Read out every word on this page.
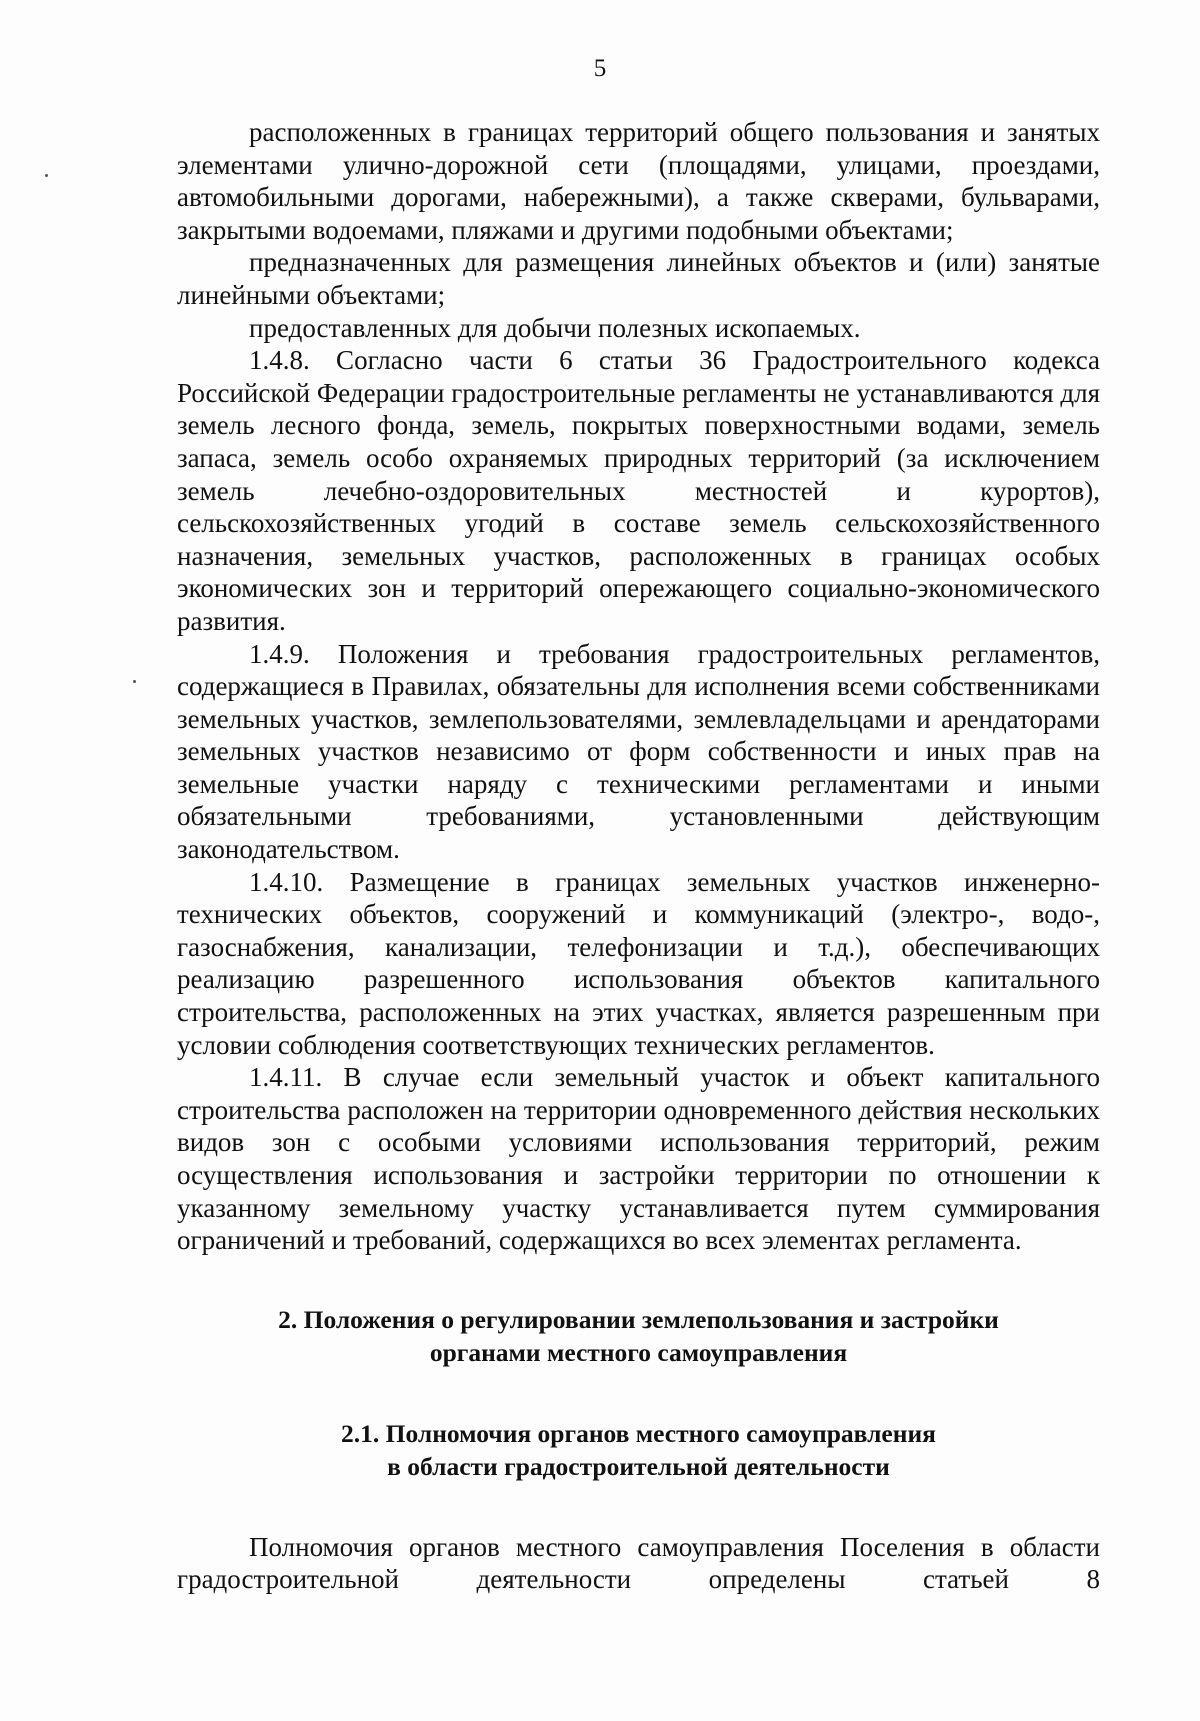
5

расположенных в границах территорий общего пользования и занятых элементами улично-дорожной сети (площадями, улицами, проездами, автомобильными дорогами, набережными), а также скверами, бульварами, закрытыми водоемами, пляжами и другими подобными объектами;

предназначенных для размещения линейных объектов и (или) занятые линейными объектами;

предоставленных для добычи полезных ископаемых.

1.4.8. Согласно части 6 статьи 36 Градостроительного кодекса Российской Федерации градостроительные регламенты не устанавливаются для земель лесного фонда, земель, покрытых поверхностными водами, земель запаса, земель особо охраняемых природных территорий (за исключением земель лечебно-оздоровительных местностей и курортов), сельскохозяйственных угодий в составе земель сельскохозяйственного назначения, земельных участков, расположенных в границах особых экономических зон и территорий опережающего социально-экономического развития.

1.4.9. Положения и требования градостроительных регламентов, содержащиеся в Правилах, обязательны для исполнения всеми собственниками земельных участков, землепользователями, землевладельцами и арендаторами земельных участков независимо от форм собственности и иных прав на земельные участки наряду с техническими регламентами и иными обязательными требованиями, установленными действующим законодательством.

1.4.10. Размещение в границах земельных участков инженерно-технических объектов, сооружений и коммуникаций (электро-, водо-, газоснабжения, канализации, телефонизации и т.д.), обеспечивающих реализацию разрешенного использования объектов капитального строительства, расположенных на этих участках, является разрешенным при условии соблюдения соответствующих технических регламентов.

1.4.11. В случае если земельный участок и объект капитального строительства расположен на территории одновременного действия нескольких видов зон с особыми условиями использования территорий, режим осуществления использования и застройки территории по отношении к указанному земельному участку устанавливается путем суммирования ограничений и требований, содержащихся во всех элементах регламента.

2. Положения о регулировании землепользования и застройки
органами местного самоуправления
2.1. Полномочия органов местного самоуправления
в области градостроительной деятельности

Полномочия органов местного самоуправления Поселения в области градостроительной деятельности определены статьей 8
